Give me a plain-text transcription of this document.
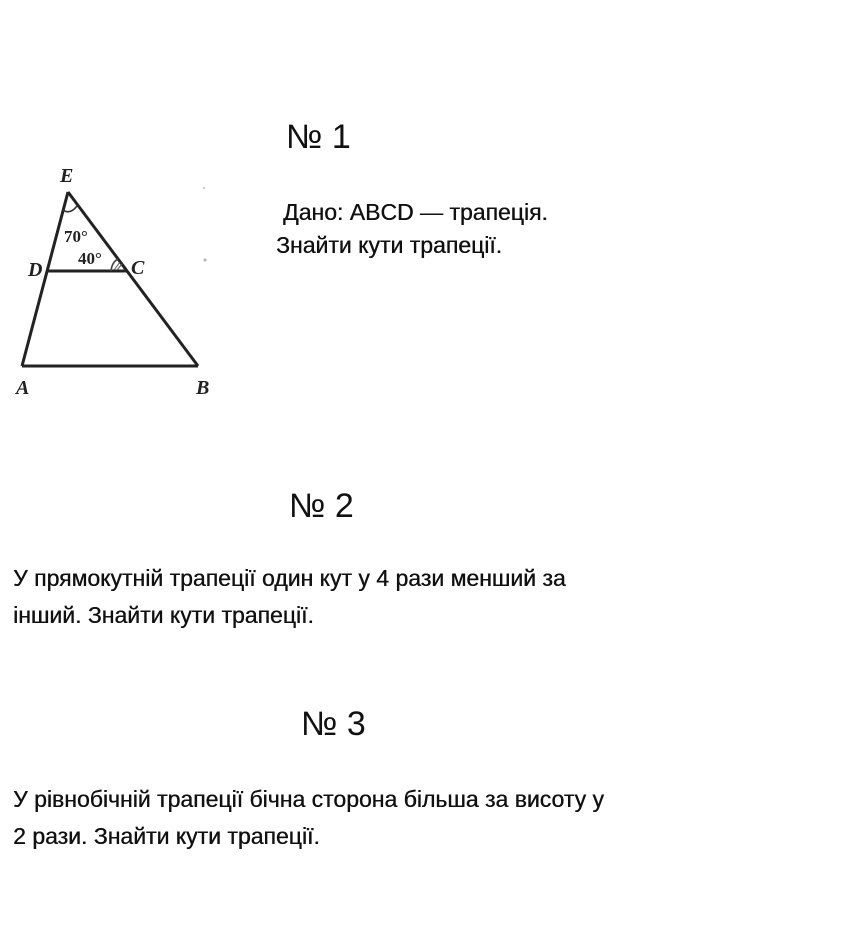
№ 1
E
D	C
A	B
70°
40°
Дано: ABCD — трапеція.
Знайти кути трапеції.
№ 2
У прямокутній трапеції один кут у 4 рази менший за
інший. Знайти кути трапеції.
№ 3
У рівнобічній трапеції бічна сторона більша за висоту у
2 рази. Знайти кути трапеції.
